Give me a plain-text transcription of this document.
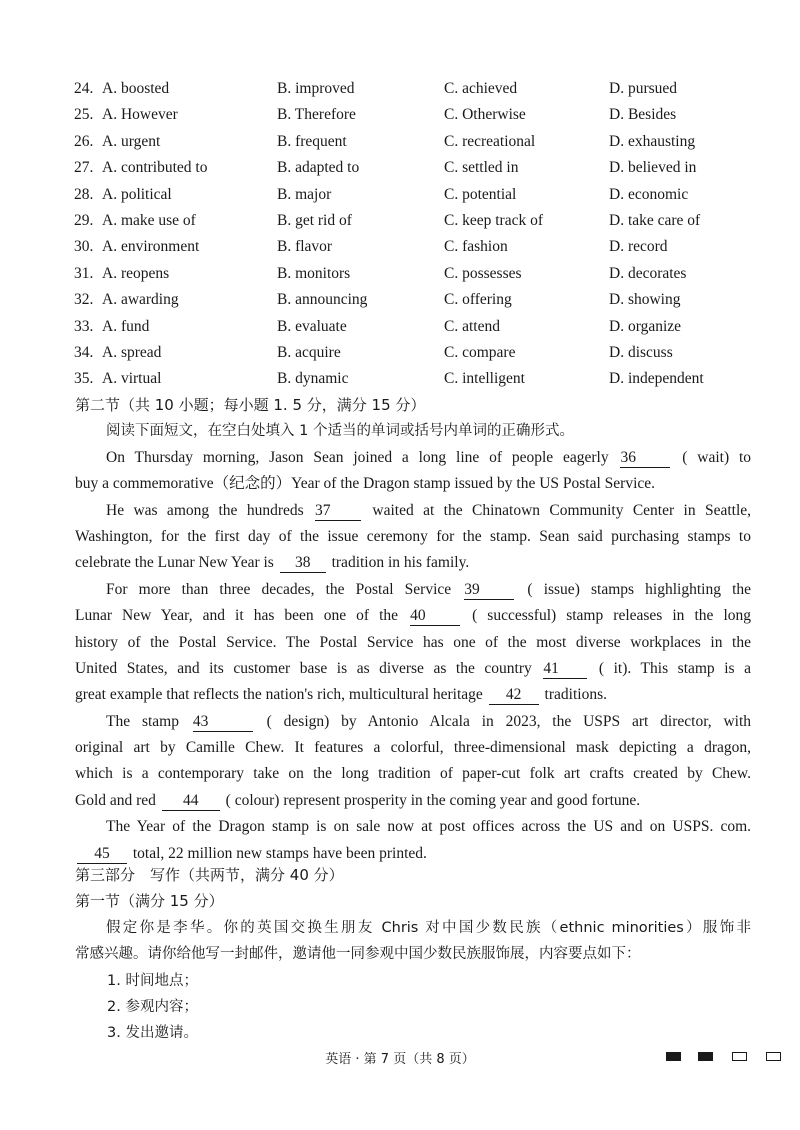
24. A. boosted	B. improved	C. achieved	D. pursued
25. A. However	B. Therefore	C. Otherwise	D. Besides
26. A. urgent	B. frequent	C. recreational	D. exhausting
27. A. contributed to	B. adapted to	C. settled in	D. believed in
28. A. political	B. major	C. potential	D. economic
29. A. make use of	B. get rid of	C. keep track of	D. take care of
30. A. environment	B. flavor	C. fashion	D. record
31. A. reopens	B. monitors	C. possesses	D. decorates
32. A. awarding	B. announcing	C. offering	D. showing
33. A. fund	B. evaluate	C. attend	D. organize
34. A. spread	B. acquire	C. compare	D. discuss
35. A. virtual	B. dynamic	C. intelligent	D. independent
第二节（共 10 小题；每小题 1. 5 分，满分 15 分）
阅读下面短文，在空白处填入 1 个适当的单词或括号内单词的正确形式。
On Thursday morning, Jason Sean joined a long line of people eagerly 36	( wait) to
buy a commemorative（纪念的）Year of the Dragon stamp issued by the US Postal Service.
He was among the hundreds 37	waited at the Chinatown Community Center in Seattle,
Washington, for the first day of the issue ceremony for the stamp. Sean said purchasing stamps to
celebrate the Lunar New Year is 38 tradition in his family.
For more than three decades, the Postal Service 39	( issue) stamps highlighting the
Lunar New Year, and it has been one of the 40	( successful) stamp releases in the long
history of the Postal Service. The Postal Service has one of the most diverse workplaces in the
United States, and its customer base is as diverse as the country 41	( it). This stamp is a
great example that reflects the nation's rich, multicultural heritage 42 traditions.
The stamp 43	( design) by Antonio Alcala in 2023, the USPS art director, with
original art by Camille Chew. It features a colorful, three-dimensional mask depicting a dragon,
which is a contemporary take on the long tradition of paper-cut folk art crafts created by Chew.
Gold and red 44 ( colour) represent prosperity in the coming year and good fortune.
The Year of the Dragon stamp is on sale now at post offices across the US and on USPS. com.
45 total, 22 million new stamps have been printed.
第三部分　写作（共两节，满分 40 分）
第一节（满分 15 分）
假定你是李华。你的英国交换生朋友 Chris 对中国少数民族（ethnic minorities）服饰非
常感兴趣。请你给他写一封邮件，邀请他一同参观中国少数民族服饰展，内容要点如下：
1. 时间地点；
2. 参观内容；
3. 发出邀请。
英语 · 第 7 页（共 8 页）
